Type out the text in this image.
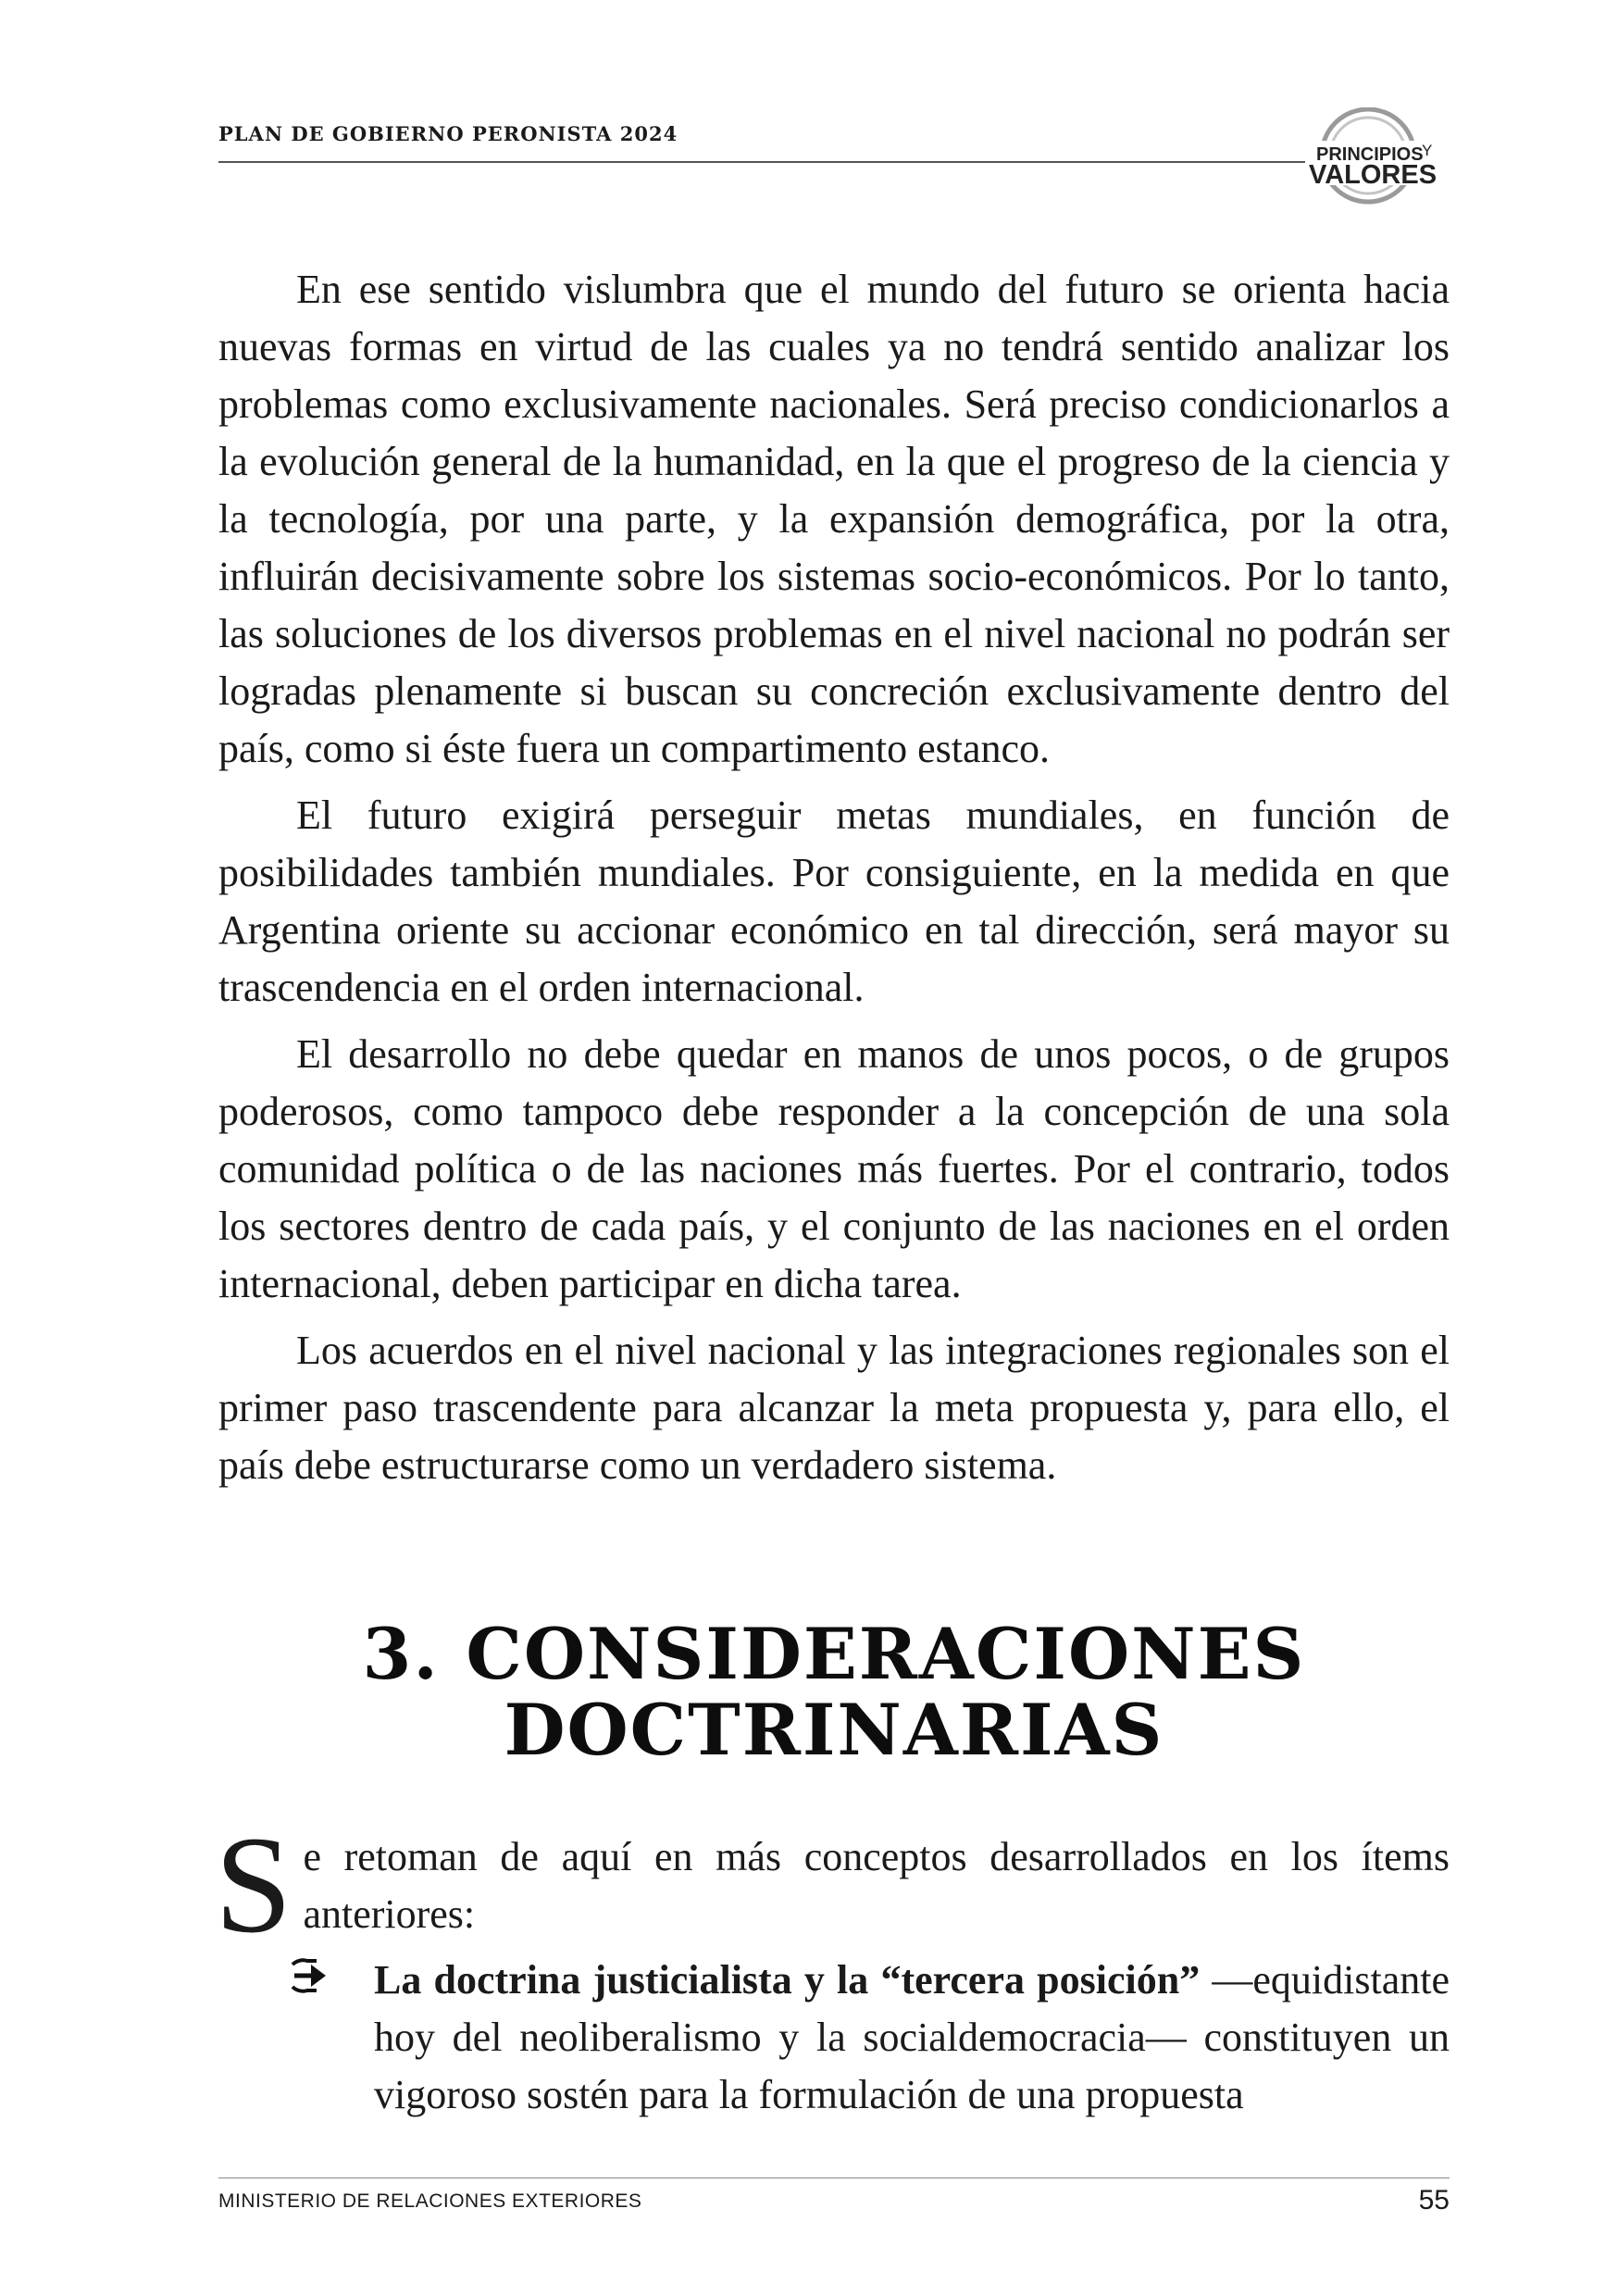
PLAN DE GOBIERNO PERONISTA 2024
PRINCIPIOS
Y
VALORES

En ese sentido vislumbra que el mundo del futuro se orienta hacia nuevas formas en virtud de las cuales ya no tendrá sentido analizar los problemas como exclusivamente nacionales. Será preciso condicionarlos a la evolución general de la humanidad, en la que el progreso de la ciencia y la tecnología, por una parte, y la expansión demográfica, por la otra, influirán decisivamente sobre los sistemas socio-económicos. Por lo tanto, las soluciones de los diversos problemas en el nivel nacional no podrán ser logradas plenamente si buscan su concreción exclusivamente dentro del país, como si éste fuera un compartimento estanco.

El futuro exigirá perseguir metas mundiales, en función de posibilidades también mundiales. Por consiguiente, en la medida en que Argentina oriente su accionar económico en tal dirección, será mayor su trascendencia en el orden internacional.

El desarrollo no debe quedar en manos de unos pocos, o de grupos poderosos, como tampoco debe responder a la concepción de una sola comunidad política o de las naciones más fuertes. Por el contrario, todos los sectores dentro de cada país, y el conjunto de las naciones en el orden internacional, deben participar en dicha tarea.

Los acuerdos en el nivel nacional y las integraciones regionales son el primer paso trascendente para alcanzar la meta propuesta y, para ello, el país debe estructurarse como un verdadero sistema.

3. CONSIDERACIONES
DOCTRINARIAS
S e retoman de aquí en más conceptos desarrollados en los ítems anteriores:
La doctrina justicialista y la “tercera posición” —equidistante hoy del neoliberalismo y la socialdemocracia— constituyen un vigoroso sostén para la formulación de una propuesta
MINISTERIO DE RELACIONES EXTERIORES	55
